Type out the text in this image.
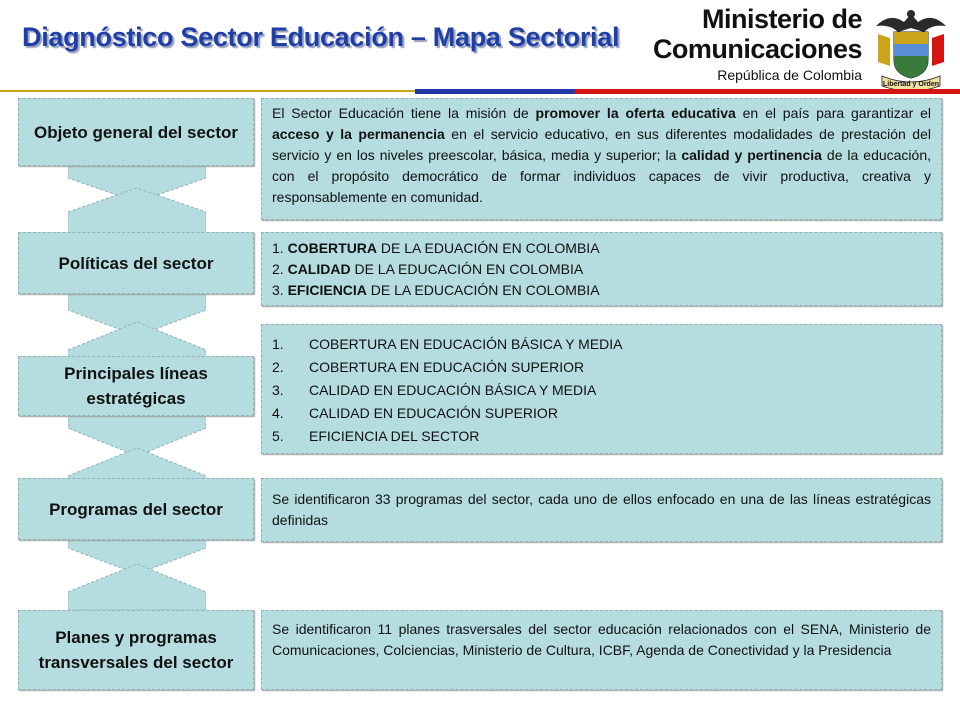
Diagnóstico Sector Educación – Mapa Sectorial
Ministerio de
Comunicaciones
República de Colombia
Libertad y Orden
Objeto general del sector
El Sector Educación tiene la misión de promover la oferta educativa en el país para garantizar el acceso y la permanencia en el servicio educativo, en sus diferentes modalidades de prestación del servicio y en los niveles preescolar, básica, media y superior; la calidad y pertinencia de la educación, con el propósito democrático de formar individuos capaces de vivir productiva, creativa y responsablemente en comunidad.
Políticas del sector
1. COBERTURA DE LA EDUACIÓN EN COLOMBIA
2. CALIDAD DE LA EDUCACIÓN EN COLOMBIA
3. EFICIENCIA DE LA EDUCACIÓN EN COLOMBIA
Principales líneas estratégicas
1.	COBERTURA EN EDUCACIÓN BÁSICA Y MEDIA
2.	COBERTURA EN EDUCACIÓN SUPERIOR
3.	CALIDAD EN EDUCACIÓN BÁSICA Y MEDIA
4.	CALIDAD EN EDUCACIÓN SUPERIOR
5.	EFICIENCIA DEL SECTOR
Programas del sector
Se identificaron 33 programas del sector, cada uno de ellos enfocado en una de las líneas estratégicas definidas
Planes y programas transversales del sector
Se identificaron 11 planes trasversales del sector educación relacionados con el SENA, Ministerio de Comunicaciones, Colciencias, Ministerio de Cultura, ICBF, Agenda de Conectividad y la Presidencia
